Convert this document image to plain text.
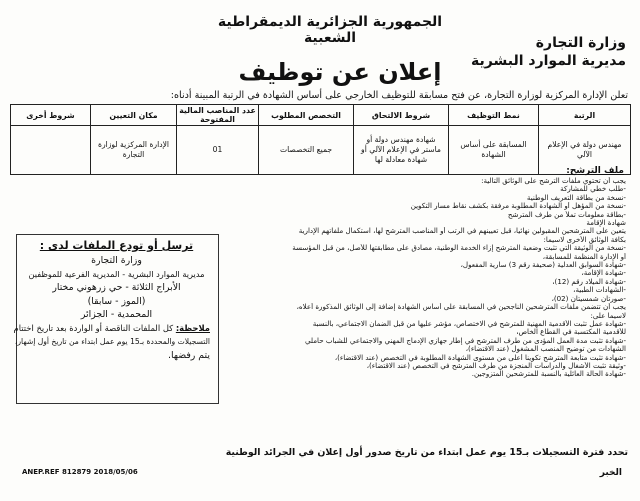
الجمهورية الجزائرية الديمقراطية الشعبية	وزارة التجارة
مديرية الموارد البشرية
إعلان عن توظيف
تعلن الإدارة المركزية لوزارة التجارة، عن فتح مسابقة للتوظيف الخارجي على أساس الشهادة في الرتبة المبينة أدناه:
الرتبة	نمط التوظيف	شروط الالتحاق	التخصص المطلوب	عدد المناصب المالية المفتوحة	مكان التعيين	شروط أخرى
مهندس دولة في الإعلام الآلي	المسابقة على أساس الشهادة	شهادة مهندس دولة أو ماستر في الإعلام الآلي أو شهادة معادلة لها	جميع التخصصات	01	الإدارة المركزية لوزارة التجارة	
ملف الترشح:
يجب أن تحتوي ملفات الترشح على الوثائق التالية:
-طلب خطي للمشاركة
-نسخة من بطاقة التعريف الوطنية
-نسخة من المؤهل أو الشهادة المطلوبة مرفقة بكشف نقاط مسار التكوين
-بطاقة معلومات تملأ من طرف المترشح
شهادة الإقامة
يتعين على المترشحين المقبولين نهائيا، قبل تعيينهم في الرتب أو المناصب المترشح لها، استكمال ملفاتهم الإدارية
بكافة الوثائق الأخرى لاسيما:
-نسخة من الوثيقة التي تثبت وضعية المترشح إزاء الخدمة الوطنية، مصادق على مطابقتها للأصل، من قبل المؤسسة
أو الإدارة المنظمة للمسابقة،
-شهادة السوابق العدلية (صحيفة رقم 3) سارية المفعول،
-شهادة الإقامة،
-شهادة الميلاد رقم (12)،
-الشهادات الطبية،
-صورتان شمسيتان (02)،
يجب أن تتضمن ملفات المترشحين الناجحين في المسابقة على أساس الشهادة إضافة إلى الوثائق المذكورة أعلاه،
لاسيما على:
-شهادة عمل تثبت الأقدمية المهنية للمترشح في الاختصاص، مؤشر عليها من قبل الضمان الاجتماعي، بالنسبة
للأقدمية المكتسبة في القطاع الخاص،
-شهادة تثبت مدة العمل المؤدى من طرف المترشح في إطار جهازي الإدماج المهني والاجتماعي للشباب حاملي
الشهادات من توضيح المنصب المشغول (عند الاقتضاء)،
-شهادة تثبت متابعة المترشح تكوينا أعلى من مستوى الشهادة المطلوبة في التخصص (عند الاقتضاء)،
-وثيقة تثبت الأشغال والدراسات المنجزة من طرف المترشح في التخصص (عند الاقتضاء)،
-شهادة الحالة العائلية بالنسبة للمترشحين المتزوجين.
ترسل أو تودع الملفات لدى :
وزارة التجارة
مديرية الموارد البشرية - المديرية الفرعية للموظفين
الأبراج الثلاثة - حي زرهوني مختار
(الموز - سابقا)
المحمدية - الجزائر
ملاحظة: كل الملفات الناقصة أو الواردة بعد تاريخ اختتام
التسجيلات والمحددة بـ15 يوم عمل ابتداء من تاريخ أول إشهار،
يتم رفضها.
تحدد فترة التسجيلات بـ15 يوم عمل ابتداء من تاريخ صدور أول إعلان في الجرائد الوطنية
ANEP.REF 812879 2018/05/06	الخبر
